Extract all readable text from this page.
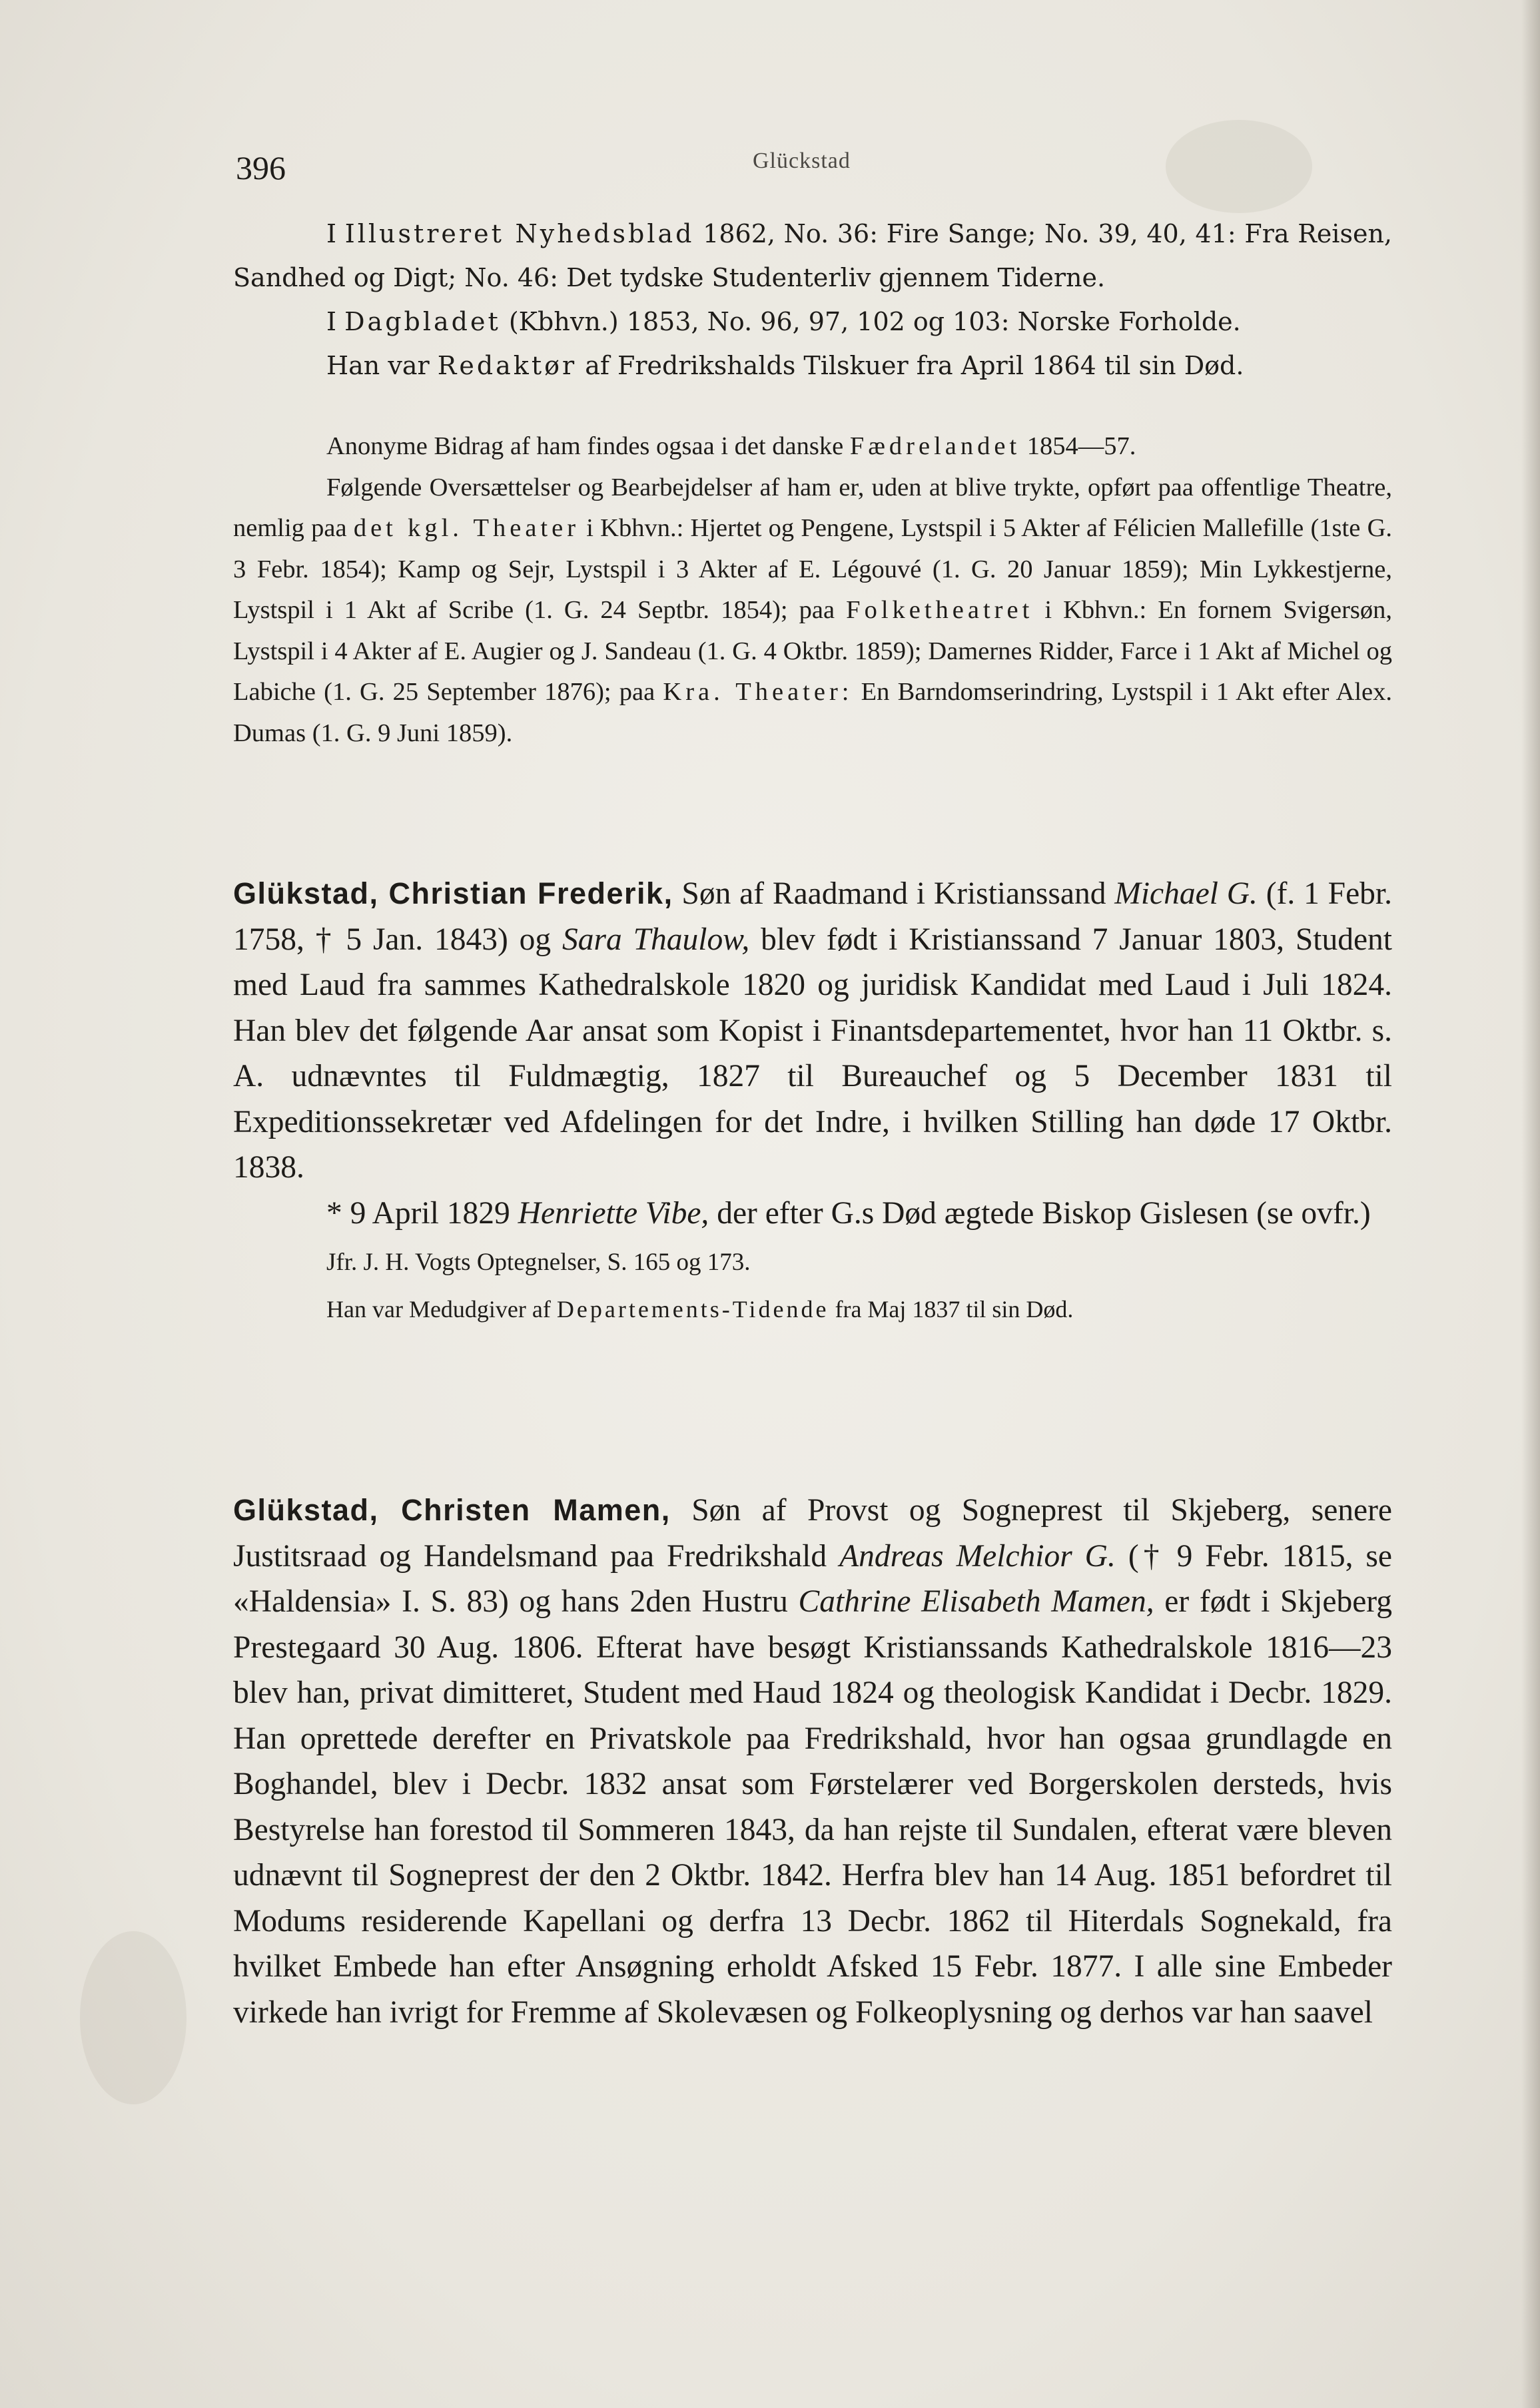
396	Glückstad

I Illustreret Nyhedsblad 1862, No. 36: Fire Sange; No. 39, 40, 41: Fra Reisen, Sandhed og Digt; No. 46: Det tydske Studenterliv gjennem Tiderne.

I Dagbladet (Kbhvn.) 1853, No. 96, 97, 102 og 103: Norske Forholde.

Han var Redaktør af Fredrikshalds Tilskuer fra April 1864 til sin Død.

Anonyme Bidrag af ham findes ogsaa i det danske Fædrelandet 1854—57.

Følgende Oversættelser og Bearbejdelser af ham er, uden at blive trykte, opført paa offentlige Theatre, nemlig paa det kgl. Theater i Kbhvn.: Hjertet og Pengene, Lystspil i 5 Akter af Félicien Mallefille (1ste G. 3 Febr. 1854); Kamp og Sejr, Lystspil i 3 Akter af E. Légouvé (1. G. 20 Januar 1859); Min Lykkestjerne, Lystspil i 1 Akt af Scribe (1. G. 24 Septbr. 1854); paa Folketheatret i Kbhvn.: En fornem Svigersøn, Lystspil i 4 Akter af E. Augier og J. Sandeau (1. G. 4 Oktbr. 1859); Damernes Ridder, Farce i 1 Akt af Michel og Labiche (1. G. 25 September 1876); paa Kra. Theater: En Barndomserindring, Lystspil i 1 Akt efter Alex. Dumas (1. G. 9 Juni 1859).

Glükstad, Christian Frederik, Søn af Raadmand i Kristianssand Michael G. (f. 1 Febr. 1758, † 5 Jan. 1843) og Sara Thaulow, blev født i Kristianssand 7 Januar 1803, Student med Laud fra sammes Kathedralskole 1820 og juridisk Kandidat med Laud i Juli 1824. Han blev det følgende Aar ansat som Kopist i Finantsdepartementet, hvor han 11 Oktbr. s. A. udnævntes til Fuldmægtig, 1827 til Bureauchef og 5 December 1831 til Expeditionssekretær ved Afdelingen for det Indre, i hvilken Stilling han døde 17 Oktbr. 1838.

* 9 April 1829 Henriette Vibe, der efter G.s Død ægtede Biskop Gislesen (se ovfr.)

Jfr. J. H. Vogts Optegnelser, S. 165 og 173.

Han var Medudgiver af Departements-Tidende fra Maj 1837 til sin Død.

Glükstad, Christen Mamen, Søn af Provst og Sogneprest til Skjeberg, senere Justitsraad og Handelsmand paa Fredrikshald Andreas Melchior G. († 9 Febr. 1815, se «Haldensia» I. S. 83) og hans 2den Hustru Cathrine Elisabeth Mamen, er født i Skjeberg Prestegaard 30 Aug. 1806. Efterat have besøgt Kristianssands Kathedralskole 1816—23 blev han, privat dimitteret, Student med Haud 1824 og theologisk Kandidat i Decbr. 1829. Han oprettede derefter en Privatskole paa Fredrikshald, hvor han ogsaa grundlagde en Boghandel, blev i Decbr. 1832 ansat som Førstelærer ved Borgerskolen dersteds, hvis Bestyrelse han forestod til Sommeren 1843, da han rejste til Sundalen, efterat være bleven udnævnt til Sogneprest der den 2 Oktbr. 1842. Herfra blev han 14 Aug. 1851 befordret til Modums residerende Kapellani og derfra 13 Decbr. 1862 til Hiterdals Sognekald, fra hvilket Embede han efter Ansøgning erholdt Afsked 15 Febr. 1877. I alle sine Embeder virkede han ivrigt for Fremme af Skolevæsen og Folkeoplysning og derhos var han saavel
